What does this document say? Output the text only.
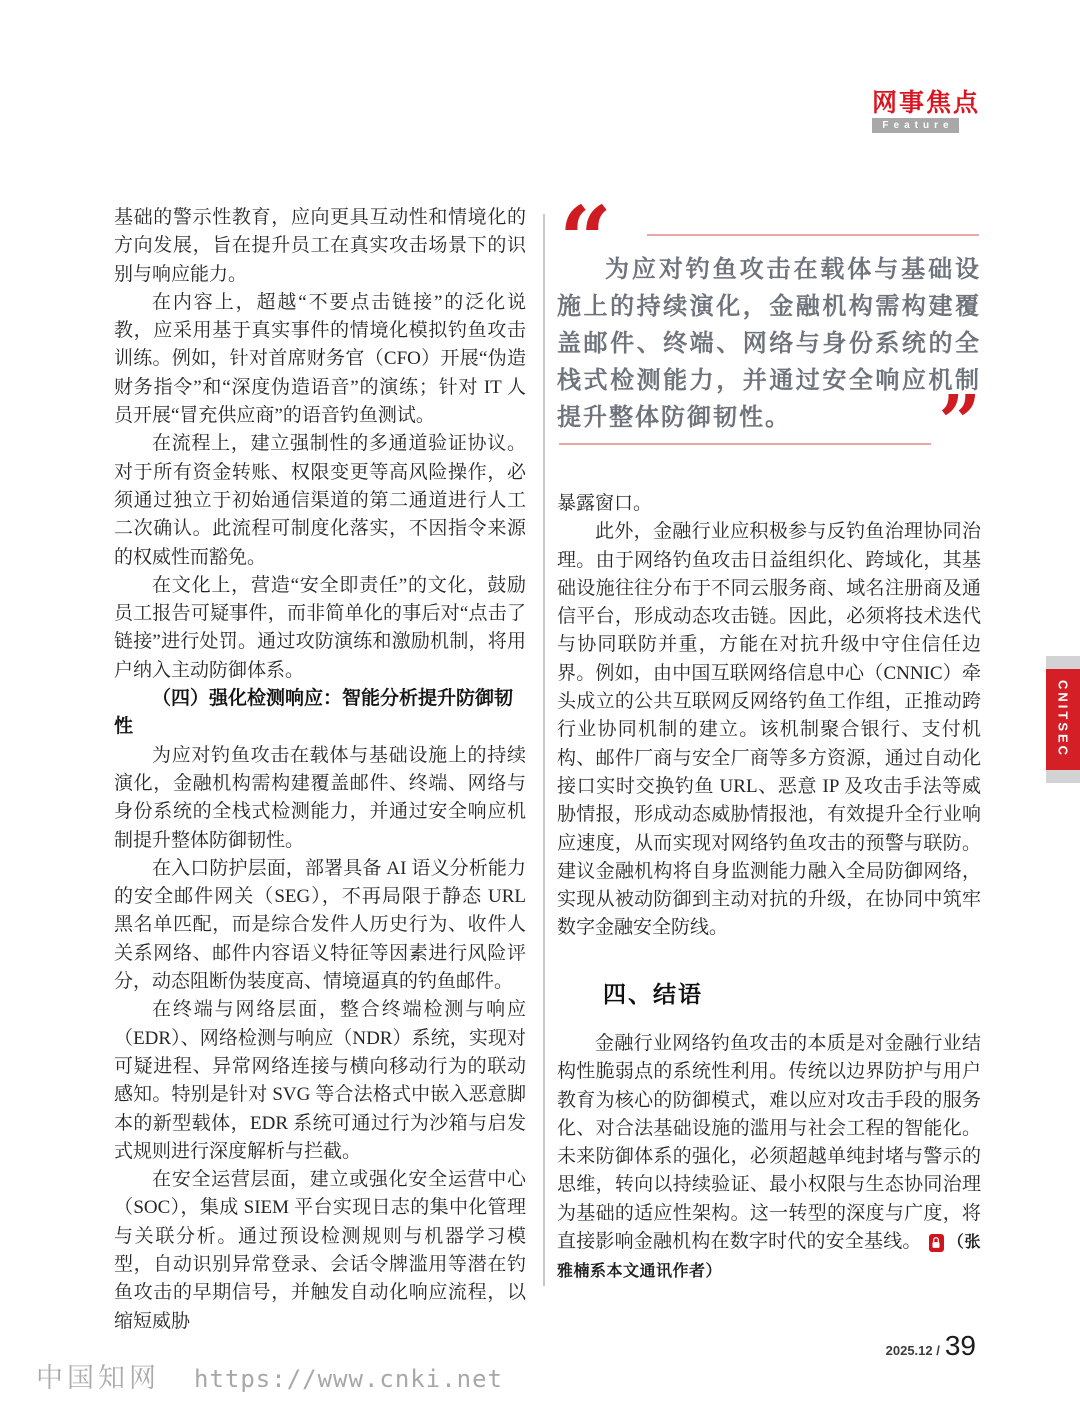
网事焦点
Feature

基础的警示性教育，应向更具互动性和情境化的方向发展，旨在提升员工在真实攻击场景下的识别与响应能力。

在内容上，超越“不要点击链接”的泛化说教，应采用基于真实事件的情境化模拟钓鱼攻击训练。例如，针对首席财务官（CFO）开展“伪造财务指令”和“深度伪造语音”的演练；针对 IT 人员开展“冒充供应商”的语音钓鱼测试。

在流程上，建立强制性的多通道验证协议。对于所有资金转账、权限变更等高风险操作，必须通过独立于初始通信渠道的第二通道进行人工二次确认。此流程可制度化落实，不因指令来源的权威性而豁免。

在文化上，营造“安全即责任”的文化，鼓励员工报告可疑事件，而非简单化的事后对“点击了链接”进行处罚。通过攻防演练和激励机制，将用户纳入主动防御体系。

（四）强化检测响应：智能分析提升防御韧性

为应对钓鱼攻击在载体与基础设施上的持续演化，金融机构需构建覆盖邮件、终端、网络与身份系统的全栈式检测能力，并通过安全响应机制提升整体防御韧性。

在入口防护层面，部署具备 AI 语义分析能力的安全邮件网关（SEG），不再局限于静态 URL 黑名单匹配，而是综合发件人历史行为、收件人关系网络、邮件内容语义特征等因素进行风险评分，动态阻断伪装度高、情境逼真的钓鱼邮件。

在终端与网络层面，整合终端检测与响应（EDR）、网络检测与响应（NDR）系统，实现对可疑进程、异常网络连接与横向移动行为的联动感知。特别是针对 SVG 等合法格式中嵌入恶意脚本的新型载体，EDR 系统可通过行为沙箱与启发式规则进行深度解析与拦截。

在安全运营层面，建立或强化安全运营中心（SOC），集成 SIEM 平台实现日志的集中化管理与关联分析。通过预设检测规则与机器学习模型，自动识别异常登录、会话令牌滥用等潜在钓鱼攻击的早期信号，并触发自动化响应流程，以缩短威胁

“
为应对钓鱼攻击在载体与基础设施上的持续演化，金融机构需构建覆盖邮件、终端、网络与身份系统的全栈式检测能力，并通过安全响应机制提升整体防御韧性。	”

暴露窗口。

此外，金融行业应积极参与反钓鱼治理协同治理。由于网络钓鱼攻击日益组织化、跨域化，其基础设施往往分布于不同云服务商、域名注册商及通信平台，形成动态攻击链。因此，必须将技术迭代与协同联防并重，方能在对抗升级中守住信任边界。例如，由中国互联网络信息中心（CNNIC）牵头成立的公共互联网反网络钓鱼工作组，正推动跨行业协同机制的建立。该机制聚合银行、支付机构、邮件厂商与安全厂商等多方资源，通过自动化接口实时交换钓鱼 URL、恶意 IP 及攻击手法等威胁情报，形成动态威胁情报池，有效提升全行业响应速度，从而实现对网络钓鱼攻击的预警与联防。建议金融机构将自身监测能力融入全局防御网络，实现从被动防御到主动对抗的升级，在协同中筑牢数字金融安全防线。

四、结语

金融行业网络钓鱼攻击的本质是对金融行业结构性脆弱点的系统性利用。传统以边界防护与用户教育为核心的防御模式，难以应对攻击手段的服务化、对合法基础设施的滥用与社会工程的智能化。未来防御体系的强化，必须超越单纯封堵与警示的思维，转向以持续验证、最小权限与生态协同治理为基础的适应性架构。这一转型的深度与广度，将直接影响金融机构在数字时代的安全基线。 （张雅楠系本文通讯作者）

CNITSEC
2025.12 / 39
中国知网 https://www.cnki.net
